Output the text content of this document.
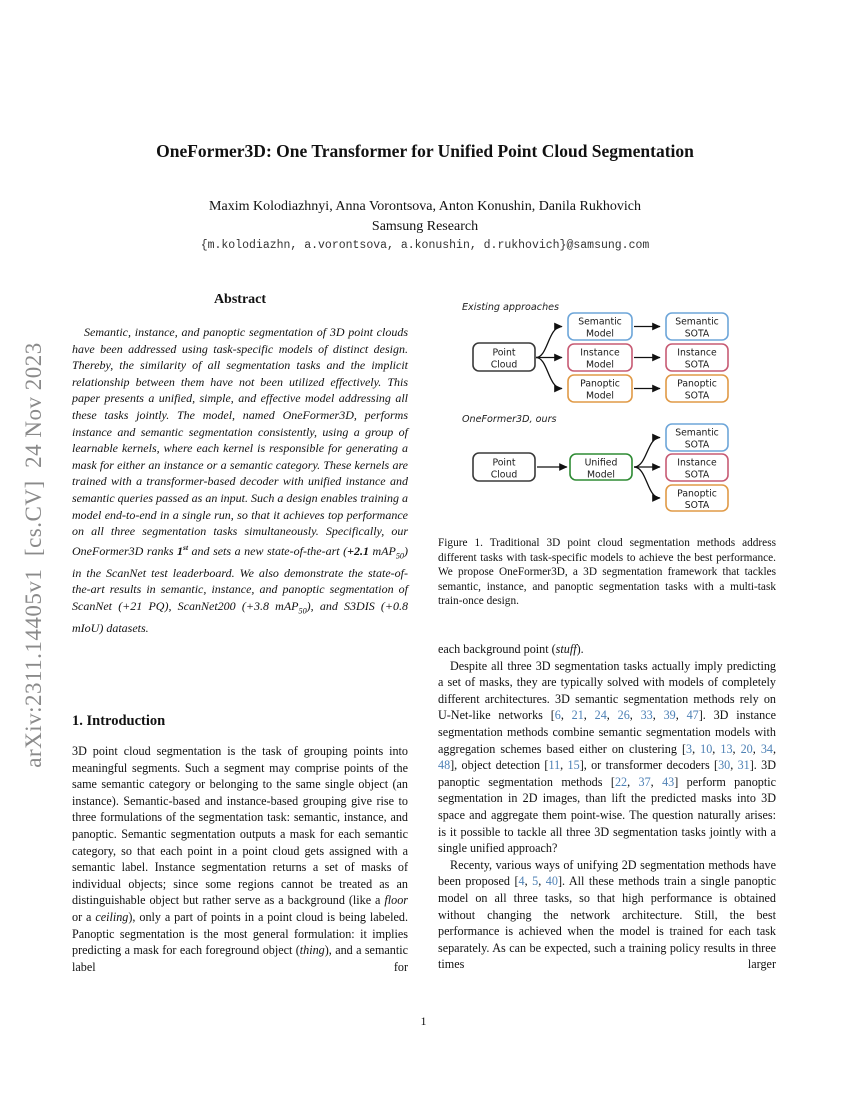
arXiv:2311.14405v1  [cs.CV]  24 Nov 2023
OneFormer3D: One Transformer for Unified Point Cloud Segmentation
Maxim Kolodiazhnyi, Anna Vorontsova, Anton Konushin, Danila Rukhovich
Samsung Research
{m.kolodiazhn, a.vorontsova, a.konushin, d.rukhovich}@samsung.com
Abstract

Semantic, instance, and panoptic segmentation of 3D point clouds have been addressed using task-specific models of distinct design. Thereby, the similarity of all segmentation tasks and the implicit relationship between them have not been utilized effectively. This paper presents a unified, simple, and effective model addressing all these tasks jointly. The model, named OneFormer3D, performs instance and semantic segmentation consistently, using a group of learnable kernels, where each kernel is responsible for generating a mask for either an instance or a semantic category. These kernels are trained with a transformer-based decoder with unified instance and semantic queries passed as an input. Such a design enables training a model end-to-end in a single run, so that it achieves top performance on all three segmentation tasks simultaneously. Specifically, our OneFormer3D ranks 1st and sets a new state-of-the-art (+2.1 mAP$_{50}$) in the ScanNet test leaderboard. We also demonstrate the state-of-the-art results in semantic, instance, and panoptic segmentation of ScanNet (+21 PQ), ScanNet200 (+3.8 mAP$_{50}$), and S3DIS (+0.8 mIoU) datasets.

1. Introduction

3D point cloud segmentation is the task of grouping points into meaningful segments. Such a segment may comprise points of the same semantic category or belonging to the same single object (an instance). Semantic-based and instance-based grouping give rise to three formulations of the segmentation task: semantic, instance, and panoptic. Semantic segmentation outputs a mask for each semantic category, so that each point in a point cloud gets assigned with a semantic label. Instance segmentation returns a set of masks of individual objects; since some regions cannot be treated as an distinguishable object but rather serve as a background (like a floor or a ceiling), only a part of points in a point cloud is being labeled. Panoptic segmentation is the most general formulation: it implies predicting a mask for each foreground object (thing), and a semantic label for

Existing approaches
Point
Cloud
Semantic
Model
Instance
Model
Panoptic
Model
Semantic
SOTA
Instance
SOTA
Panoptic
SOTA
OneFormer3D, ours
Point
Cloud
Unified
Model
Semantic
SOTA
Instance
SOTA
Panoptic
SOTA

Figure 1. Traditional 3D point cloud segmentation methods address different tasks with task-specific models to achieve the best performance. We propose OneFormer3D, a 3D segmentation framework that tackles semantic, instance, and panoptic segmentation tasks with a multi-task train-once design.

each background point (stuff).

Despite all three 3D segmentation tasks actually imply predicting a set of masks, they are typically solved with models of completely different architectures. 3D semantic segmentation methods rely on U-Net-like networks [6, 21, 24, 26, 33, 39, 47]. 3D instance segmentation methods combine semantic segmentation models with aggregation schemes based either on clustering [3, 10, 13, 20, 34, 48], object detection [11, 15], or transformer decoders [30, 31]. 3D panoptic segmentation methods [22, 37, 43] perform panoptic segmentation in 2D images, than lift the predicted masks into 3D space and aggregate them point-wise. The question naturally arises: is it possible to tackle all three 3D segmentation tasks jointly with a single unified approach?

Recenty, various ways of unifying 2D segmentation methods have been proposed [4, 5, 40]. All these methods train a single panoptic model on all three tasks, so that high performance is obtained without changing the network architecture. Still, the best performance is achieved when the model is trained for each task separately. As can be expected, such a training policy results in three times larger

1
